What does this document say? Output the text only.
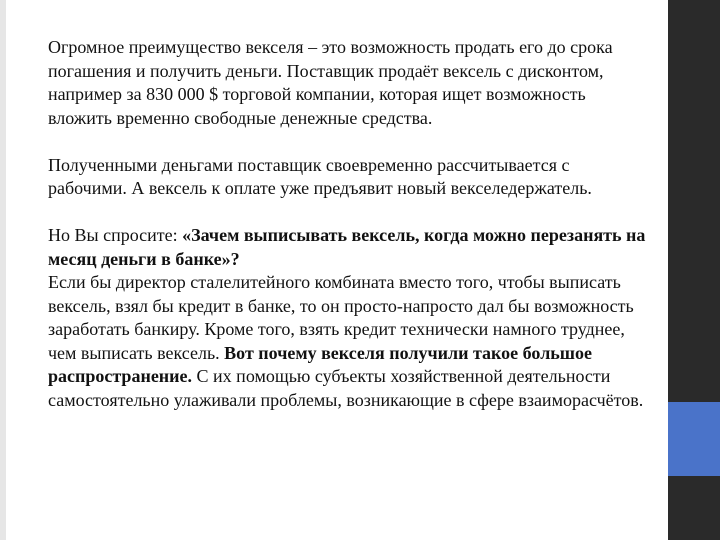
Огромное преимущество векселя – это возможность продать его до срока погашения и получить деньги. Поставщик продаёт вексель с дисконтом, например за 830 000 $ торговой компании, которая ищет возможность вложить временно свободные денежные средства.

Полученными деньгами поставщик своевременно рассчитывается с рабочими. А вексель к оплате уже предъявит новый векселедержатель.

Но Вы спросите: «Зачем выписывать вексель, когда можно перезанять на месяц деньги в банке»?
Если бы директор сталелитейного комбината вместо того, чтобы выписать вексель, взял бы кредит в банке, то он просто-напросто дал бы возможность заработать банкиру. Кроме того, взять кредит технически намного труднее, чем выписать вексель. Вот почему векселя получили такое большое распространение. С их помощью субъекты хозяйственной деятельности самостоятельно улаживали проблемы, возникающие в сфере взаиморасчётов.
